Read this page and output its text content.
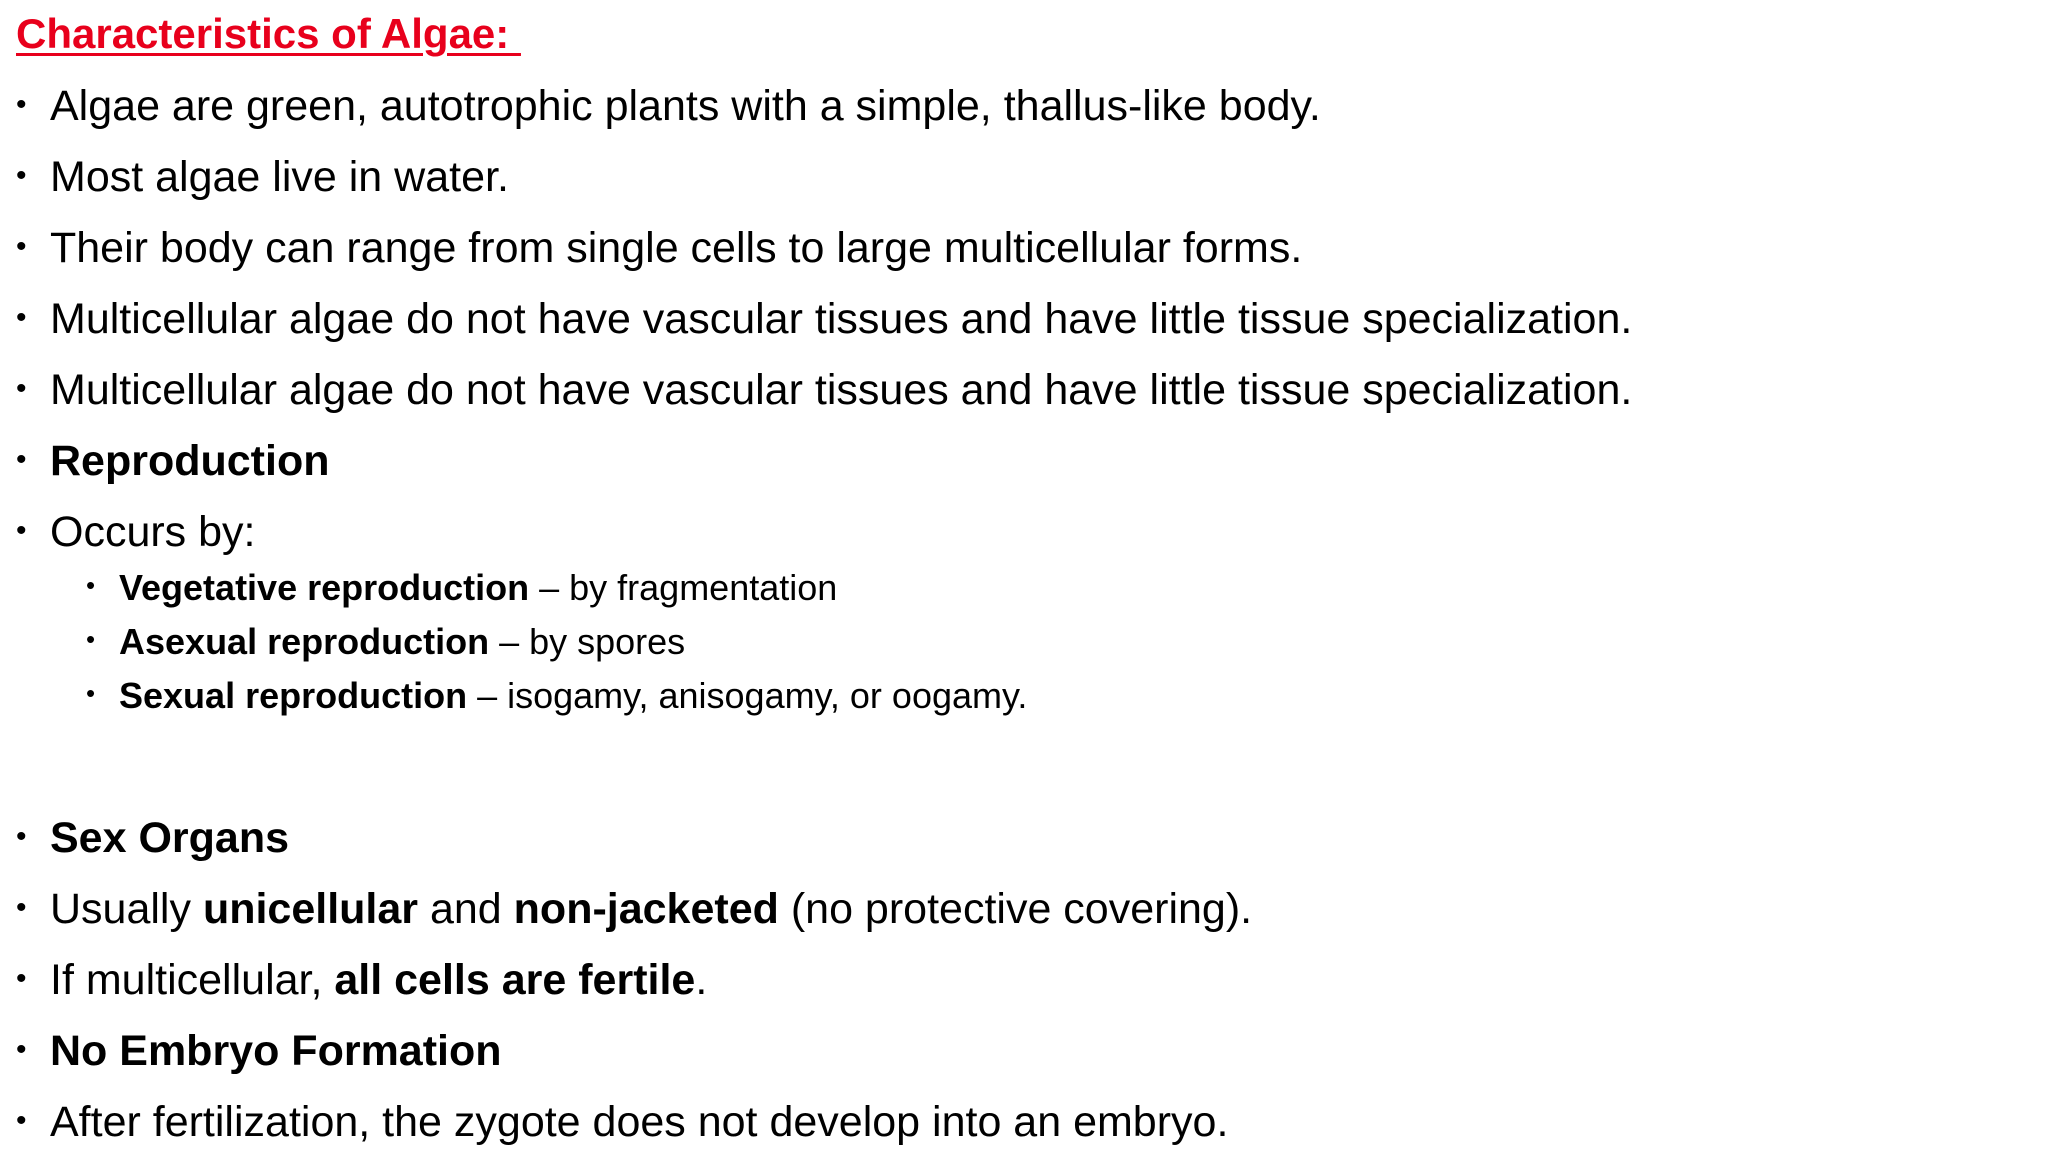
Characteristics of Algae:
• Algae are green, autotrophic plants with a simple, thallus-like body.
• Most algae live in water.
• Their body can range from single cells to large multicellular forms.
• Multicellular algae do not have vascular tissues and have little tissue specialization.
• Multicellular algae do not have vascular tissues and have little tissue specialization.
• Reproduction
• Occurs by:
• Vegetative reproduction – by fragmentation
• Asexual reproduction – by spores
• Sexual reproduction – isogamy, anisogamy, or oogamy.
• Sex Organs
• Usually unicellular and non-jacketed (no protective covering).
• If multicellular, all cells are fertile.
• No Embryo Formation
• After fertilization, the zygote does not develop into an embryo.
